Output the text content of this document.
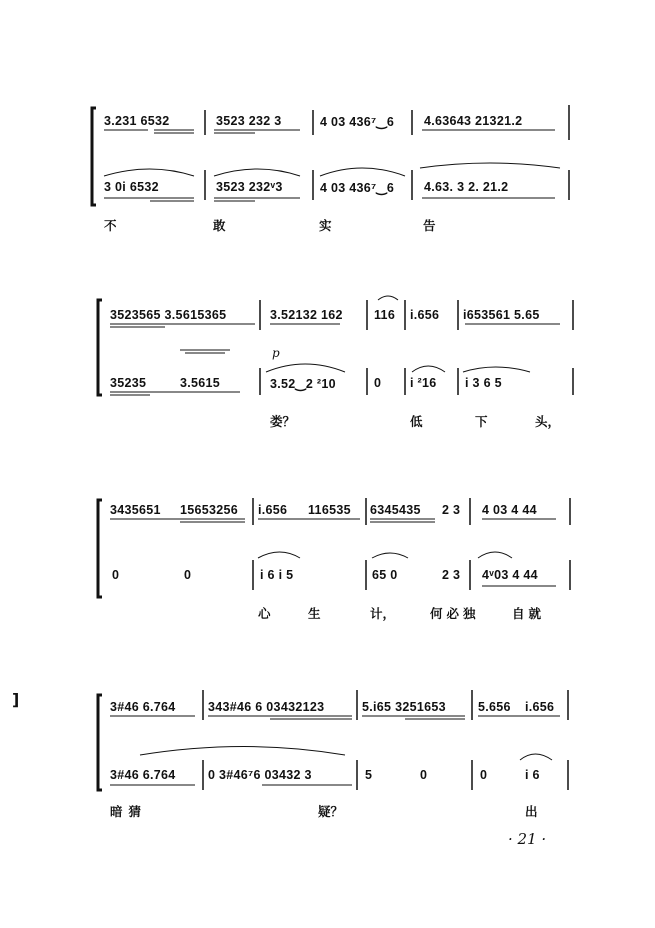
3.231 6532	3523 232 3	4 03 436⁷‿6 4.63643 21321.2
3 0i 6532	3523 232ᵛ3	4 03 436⁷‿6 4.63. 3 2. 21.2
不	敢	实	告
3523565 3.5615365	3.52132 162 116 i.656 i653561 5.65
p
35235	3.5615	3.52‿2 ²10	0 i ²16 i 3 6 5
娄？	低	下	头，
3435651 15653256 i.656 116535 6345435 2 3 4 03 4 44
0	0	i 6 i 5	65 0	2 3 4ᵛ03 4 44
心	生	计，	何必独	自就
]	3#46 6.764	343#46 6 03432123	5.i65 3251653	5.656 i.656
3#46 6.764	0 3#46⁷6 03432 3	5	0	0	i 6
暗猜	疑？	出
· 21 ·
